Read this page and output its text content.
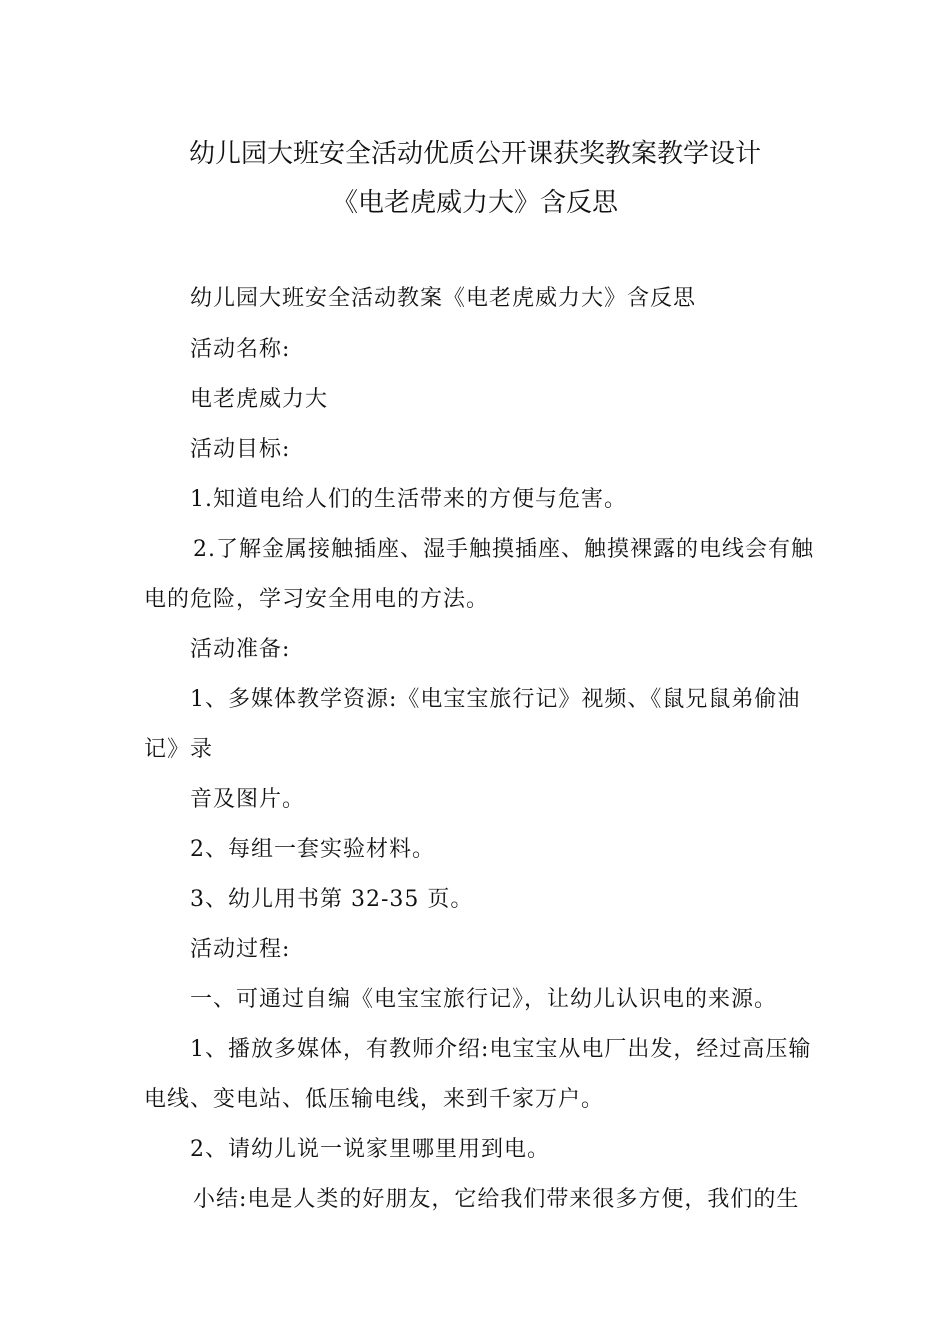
幼儿园大班安全活动优质公开课获奖教案教学设计
《电老虎威力大》含反思
幼儿园大班安全活动教案《电老虎威力大》含反思
活动名称:
电老虎威力大
活动目标:
1.知道电给人们的生活带来的方便与危害。
2.了解金属接触插座、湿手触摸插座、触摸裸露的电线会有触
电的危险，学习安全用电的方法。
活动准备:
1、多媒体教学资源:《电宝宝旅行记》视频、《鼠兄鼠弟偷油
记》录
音及图片。
2、每组一套实验材料。
3、幼儿用书第 32-35 页。
活动过程:
一、可通过自编《电宝宝旅行记》，让幼儿认识电的来源。
1、播放多媒体，有教师介绍:电宝宝从电厂出发，经过高压输
电线、变电站、低压输电线，来到千家万户。
2、请幼儿说一说家里哪里用到电。
小结:电是人类的好朋友，它给我们带来很多方便，我们的生
